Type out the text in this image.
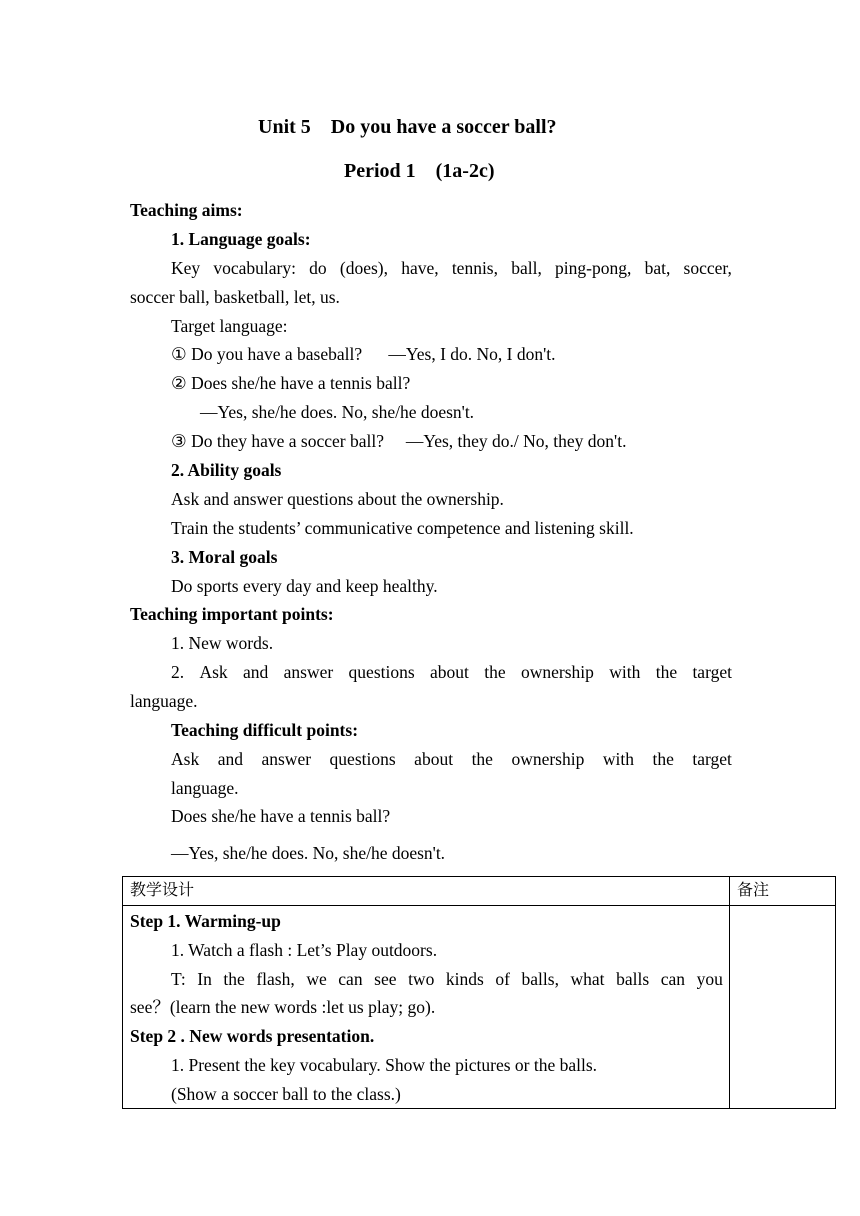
Unit 5　Do you have a soccer ball?
Period 1　(1a-2c)
Teaching aims:
1. Language goals:
Key vocabulary: do (does), have, tennis, ball, ping-pong, bat, soccer,
soccer ball, basketball, let, us.
Target language:
① Do you have a baseball?      —Yes, I do. No, I don't.
② Does she/he have a tennis ball?
—Yes, she/he does. No, she/he doesn't.
③ Do they have a soccer ball?     —Yes, they do./ No, they don't.
2. Ability goals
Ask and answer questions about the ownership.
Train the students’ communicative competence and listening skill.
3. Moral goals
Do sports every day and keep healthy.
Teaching important points:
1. New words.
2. Ask and answer questions about the ownership with the target
language.
Teaching difficult points:
Ask and answer questions about the ownership with the target
language.
Does she/he have a tennis ball?
—Yes, she/he does. No, she/he doesn't.
教学设计	备注
Step 1. Warming-up
1. Watch a flash : Let’s Play outdoors.
T: In the flash, we can see two kinds of balls, what balls can you
see？(learn the new words :let us play; go).
Step 2 . New words presentation.
1. Present the key vocabulary. Show the pictures or the balls.
(Show a soccer ball to the class.)
